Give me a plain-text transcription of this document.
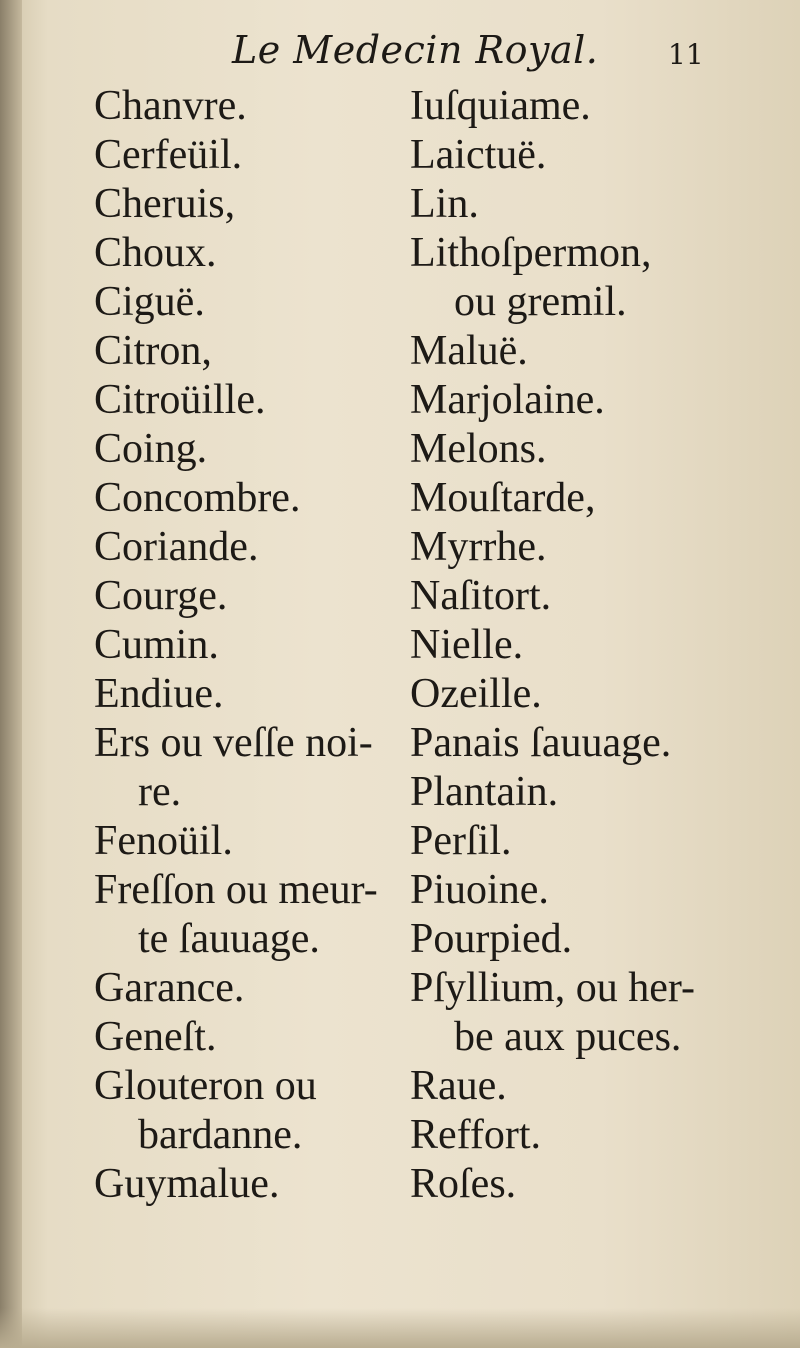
Le Medecin Royal. 11
Chanvre.
Cerfeüil.
Cheruis,
Choux.
Ciguë.
Citron,
Citroüille.
Coing.
Concombre.
Coriande.
Courge.
Cumin.
Endiue.
Ers ou veſſe noi-
re.
Fenoüil.
Freſſon ou meur-
te ſauuage.
Garance.
Geneſt.
Glouteron ou
bardanne.
Guymalue.
Iuſquiame.
Laictuë.
Lin.
Lithoſpermon,
ou gremil.
Maluë.
Marjolaine.
Melons.
Mouſtarde,
Myrrhe.
Naſitort.
Nielle.
Ozeille.
Panais ſauuage.
Plantain.
Perſil.
Piuoine.
Pourpied.
Pſyllium, ou her-
be aux puces.
Raue.
Reffort.
Roſes.
